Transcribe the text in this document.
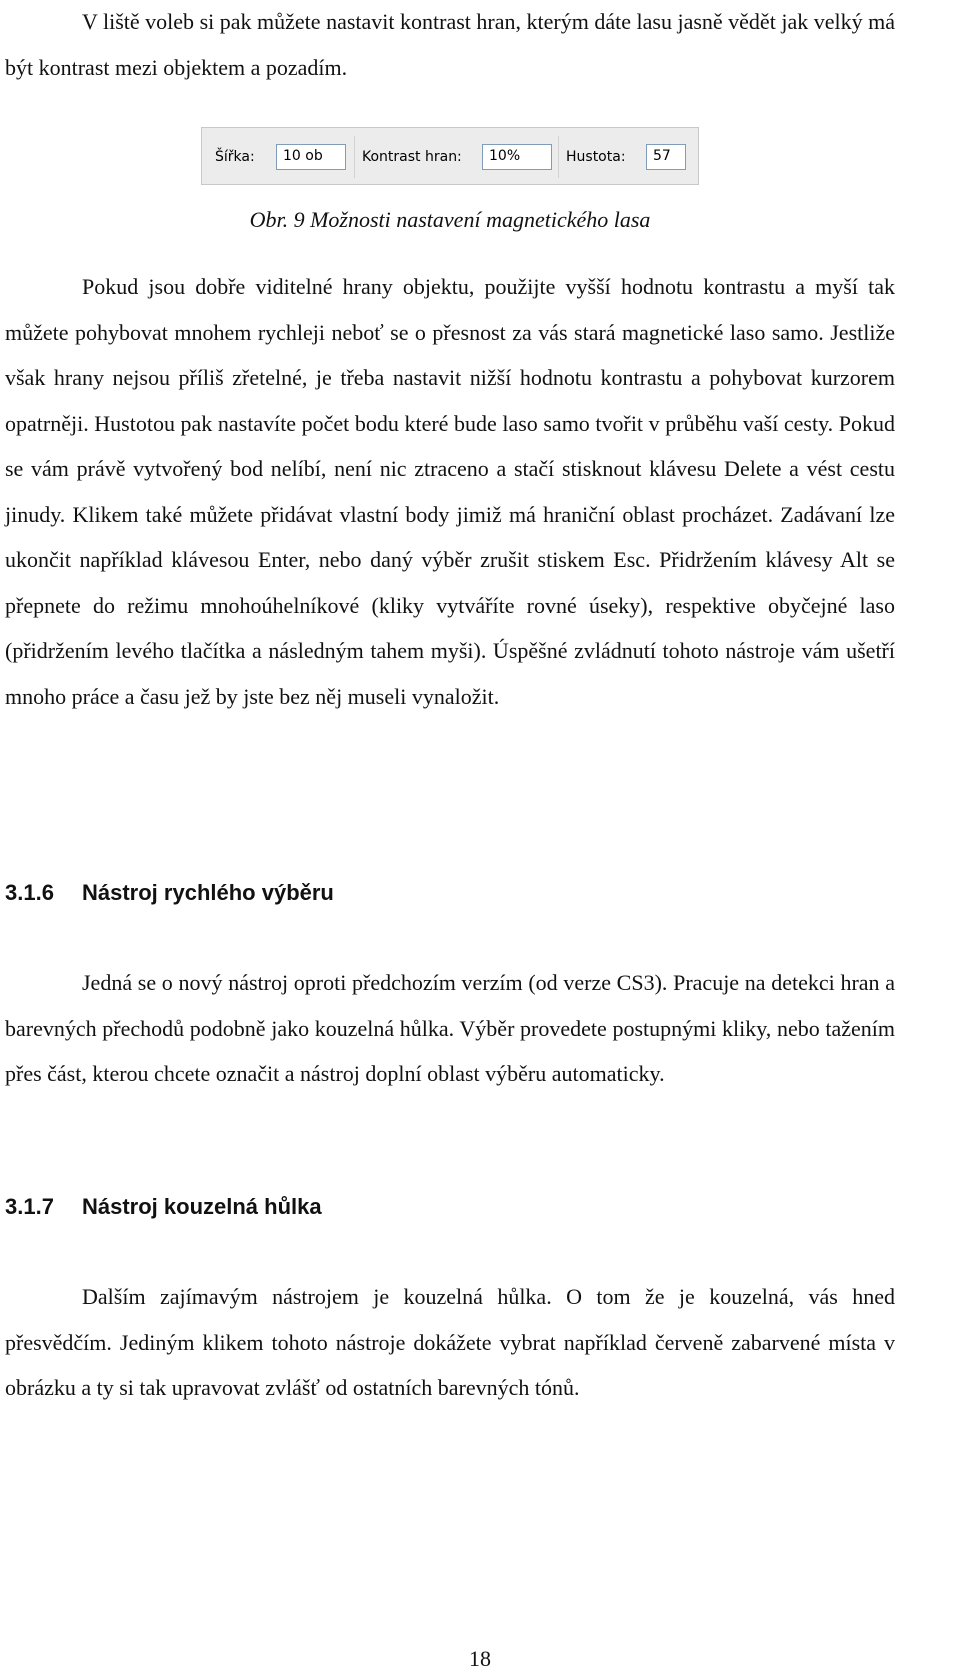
V liště voleb si pak můžete nastavit kontrast hran, kterým dáte lasu jasně vědět jak velký má být kontrast mezi objektem a pozadím.

Šířka:	10 ob	Kontrast hran:	10%	Hustota:	57
Obr. 9 Možnosti nastavení magnetického lasa

Pokud jsou dobře viditelné hrany objektu, použijte vyšší hodnotu kontrastu a myší tak můžete pohybovat mnohem rychleji neboť se o přesnost za vás stará magnetické laso samo. Jestliže však hrany nejsou příliš zřetelné, je třeba nastavit nižší hodnotu kontrastu a pohybovat kurzorem opatrněji. Hustotou pak nastavíte počet bodu které bude laso samo tvořit v průběhu vaší cesty. Pokud se vám právě vytvořený bod nelíbí, není nic ztraceno a stačí stisknout klávesu Delete a vést cestu jinudy. Klikem také můžete přidávat vlastní body jimiž má hraniční oblast procházet. Zadávaní lze ukončit například klávesou Enter, nebo daný výběr zrušit stiskem Esc. Přidržením klávesy Alt se přepnete do režimu mnohoúhelníkové (kliky vytváříte rovné úseky), respektive obyčejné laso (přidržením levého tlačítka a následným tahem myši). Úspěšné zvládnutí tohoto nástroje vám ušetří mnoho práce a času jež by jste bez něj museli vynaložit.

3.1.6 Nástroj rychlého výběru

Jedná se o nový nástroj oproti předchozím verzím (od verze CS3). Pracuje na detekci hran a barevných přechodů podobně jako kouzelná hůlka. Výběr provedete postupnými kliky, nebo tažením přes část, kterou chcete označit a nástroj doplní oblast výběru automaticky.

3.1.7 Nástroj kouzelná hůlka

Dalším zajímavým nástrojem je kouzelná hůlka. O tom že je kouzelná, vás hned přesvědčím. Jediným klikem tohoto nástroje dokážete vybrat například červeně zabarvené místa v obrázku a ty si tak upravovat zvlášť od ostatních barevných tónů.

18
